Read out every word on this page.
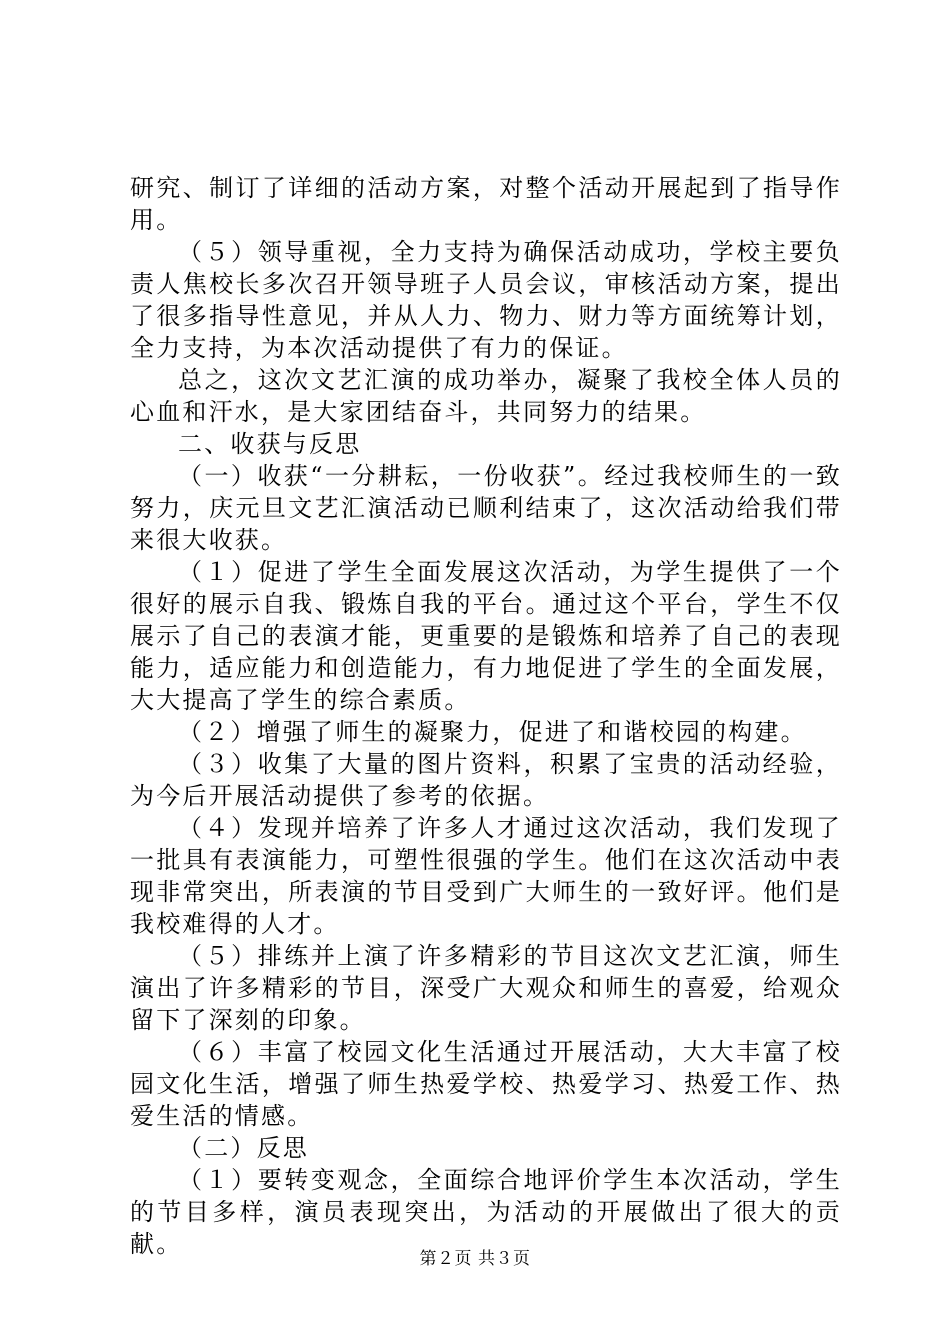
研究、制订了详细的活动方案，对整个活动开展起到了指导作用。

（５）领导重视，全力支持为确保活动成功，学校主要负责人焦校长多次召开领导班子人员会议，审核活动方案，提出了很多指导性意见，并从人力、物力、财力等方面统筹计划，全力支持，为本次活动提供了有力的保证。

总之，这次文艺汇演的成功举办，凝聚了我校全体人员的心血和汗水，是大家团结奋斗，共同努力的结果。

二、收获与反思

（一）收获“一分耕耘，一份收获”。经过我校师生的一致努力，庆元旦文艺汇演活动已顺利结束了，这次活动给我们带来很大收获。

（１）促进了学生全面发展这次活动，为学生提供了一个很好的展示自我、锻炼自我的平台。通过这个平台，学生不仅展示了自己的表演才能，更重要的是锻炼和培养了自己的表现能力，适应能力和创造能力，有力地促进了学生的全面发展，大大提高了学生的综合素质。

（２）增强了师生的凝聚力，促进了和谐校园的构建。

（３）收集了大量的图片资料，积累了宝贵的活动经验，为今后开展活动提供了参考的依据。

（４）发现并培养了许多人才通过这次活动，我们发现了一批具有表演能力，可塑性很强的学生。他们在这次活动中表现非常突出，所表演的节目受到广大师生的一致好评。他们是我校难得的人才。

（５）排练并上演了许多精彩的节目这次文艺汇演，师生演出了许多精彩的节目，深受广大观众和师生的喜爱，给观众留下了深刻的印象。

（６）丰富了校园文化生活通过开展活动，大大丰富了校园文化生活，增强了师生热爱学校、热爱学习、热爱工作、热爱生活的情感。

（二）反思

（１）要转变观念，全面综合地评价学生本次活动，学生的节目多样，演员表现突出，为活动的开展做出了很大的贡献。

第２页 共３页
